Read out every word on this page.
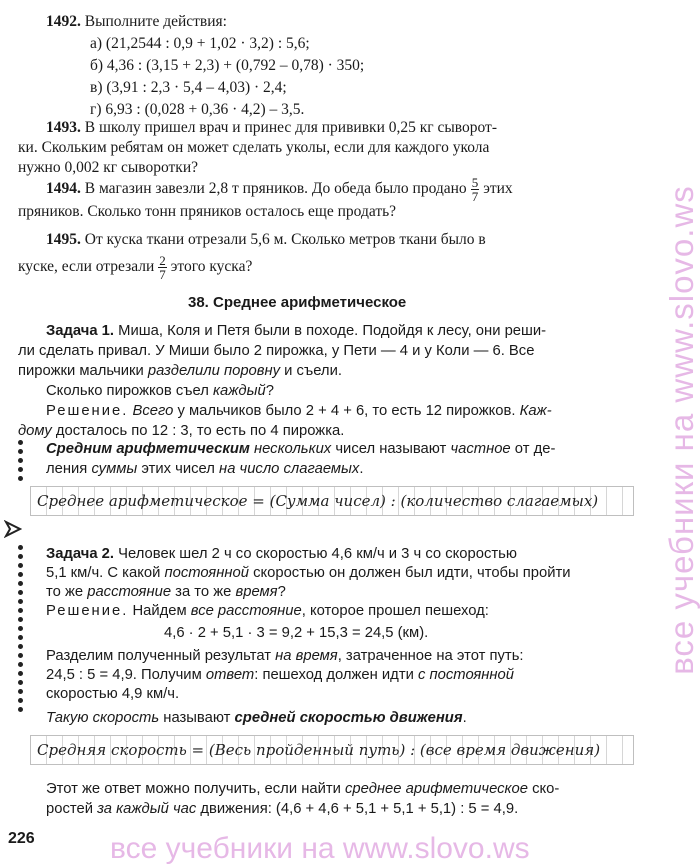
1492. Выполните действия:
а) (21,2544 : 0,9 + 1,02 · 3,2) : 5,6;
б) 4,36 : (3,15 + 2,3) + (0,792 – 0,78) · 350;
в) (3,91 : 2,3 · 5,4 – 4,03) · 2,4;
г) 6,93 : (0,028 + 0,36 · 4,2) – 3,5.
1493. В школу пришел врач и принес для прививки 0,25 кг сыворот-
ки. Скольким ребятам он может сделать уколы, если для каждого укола
нужно 0,002 кг сыворотки?
1494. В магазин завезли 2,8 т пряников. До обеда было продано $\frac{5}{7}$ этих
пряников. Сколько тонн пряников осталось еще продать?
1495. От куска ткани отрезали 5,6 м. Сколько метров ткани было в
куске, если отрезали $\frac{2}{7}$ этого куска?
38. Среднее арифметическое
Задача 1. Миша, Коля и Петя были в походе. Подойдя к лесу, они реши-
ли сделать привал. У Миши было 2 пирожка, у Пети — 4 и у Коли — 6. Все
пирожки мальчики разделили поровну и съели.
Сколько пирожков съел каждый?
Решение. Всего у мальчиков было 2 + 4 + 6, то есть 12 пирожков. Каж-
дому досталось по 12 : 3, то есть по 4 пирожка.
Средним арифметическим нескольких чисел называют частное от де-
ления суммы этих чисел на число слагаемых.
Среднее арифметическое = (Сумма чисел) : (количество слагаемых)
Задача 2. Человек шел 2 ч со скоростью 4,6 км/ч и 3 ч со скоростью
5,1 км/ч. С какой постоянной скоростью он должен был идти, чтобы пройти
то же расстояние за то же время?
Решение. Найдем все расстояние, которое прошел пешеход:
4,6 · 2 + 5,1 · 3 = 9,2 + 15,3 = 24,5 (км).
Разделим полученный результат на время, затраченное на этот путь:
24,5 : 5 = 4,9. Получим ответ: пешеход должен идти с постоянной
скоростью 4,9 км/ч.
Такую скорость называют средней скоростью движения.
Средняя скорость = (Весь пройденный путь) : (все время движения)
Этот же ответ можно получить, если найти среднее арифметическое ско-
ростей за каждый час движения: (4,6 + 4,6 + 5,1 + 5,1 + 5,1) : 5 = 4,9.
226
все учебники на www.slovo.ws
все учебники на www.slovo.ws
